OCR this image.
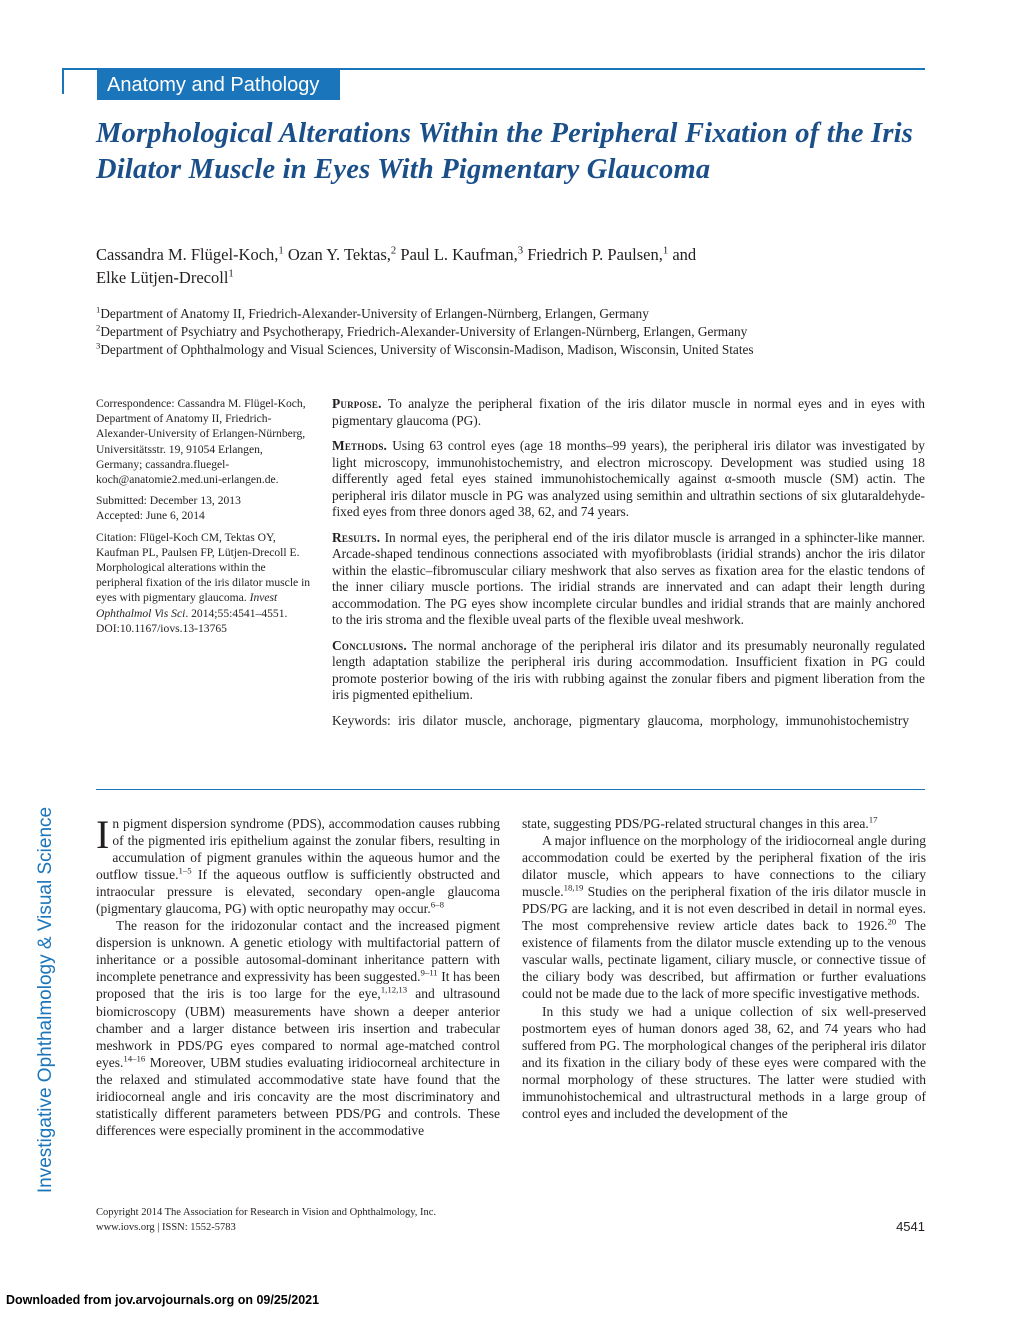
Anatomy and Pathology
Morphological Alterations Within the Peripheral Fixation of the Iris Dilator Muscle in Eyes With Pigmentary Glaucoma
Cassandra M. Flügel-Koch,$^1$ Ozan Y. Tektas,$^2$ Paul L. Kaufman,$^3$ Friedrich P. Paulsen,$^1$ and
Elke Lütjen-Drecoll$^1$
$^1$Department of Anatomy II, Friedrich-Alexander-University of Erlangen-Nürnberg, Erlangen, Germany
$^2$Department of Psychiatry and Psychotherapy, Friedrich-Alexander-University of Erlangen-Nürnberg, Erlangen, Germany
$^3$Department of Ophthalmology and Visual Sciences, University of Wisconsin-Madison, Madison, Wisconsin, United States

Correspondence: Cassandra M. Flügel-Koch, Department of Anatomy II, Friedrich-Alexander-University of Erlangen-Nürnberg, Universitätsstr. 19, 91054 Erlangen, Germany; cassandra.fluegel-koch@anatomie2.med.uni-erlangen.de.

Submitted: December 13, 2013

Accepted: June 6, 2014

Citation: Flügel-Koch CM, Tektas OY, Kaufman PL, Paulsen FP, Lütjen-Drecoll E. Morphological alterations within the peripheral fixation of the iris dilator muscle in eyes with pigmentary glaucoma. Invest Ophthalmol Vis Sci. 2014;55:4541–4551. DOI:10.1167/iovs.13-13765

Purpose. To analyze the peripheral fixation of the iris dilator muscle in normal eyes and in eyes with pigmentary glaucoma (PG).

Methods. Using 63 control eyes (age 18 months–99 years), the peripheral iris dilator was investigated by light microscopy, immunohistochemistry, and electron microscopy. Development was studied using 18 differently aged fetal eyes stained immunohistochemically against α-smooth muscle (SM) actin. The peripheral iris dilator muscle in PG was analyzed using semithin and ultrathin sections of six glutaraldehyde-fixed eyes from three donors aged 38, 62, and 74 years.

Results. In normal eyes, the peripheral end of the iris dilator muscle is arranged in a sphincter-like manner. Arcade-shaped tendinous connections associated with myofibroblasts (iridial strands) anchor the iris dilator within the elastic–fibromuscular ciliary meshwork that also serves as fixation area for the elastic tendons of the inner ciliary muscle portions. The iridial strands are innervated and can adapt their length during accommodation. The PG eyes show incomplete circular bundles and iridial strands that are mainly anchored to the iris stroma and the flexible uveal parts of the flexible uveal meshwork.

Conclusions. The normal anchorage of the peripheral iris dilator and its presumably neuronally regulated length adaptation stabilize the peripheral iris during accommodation. Insufficient fixation in PG could promote posterior bowing of the iris with rubbing against the zonular fibers and pigment liberation from the iris pigmented epithelium.

Keywords: iris dilator muscle, anchorage, pigmentary glaucoma, morphology, immunohistochemistry

Investigative Ophthalmology & Visual Science In pigment dispersion syndrome (PDS), accommodation causes rubbing of the pigmented iris epithelium against the zonular fibers, resulting in accumulation of pigment granules within the aqueous humor and the outflow tissue.$^{1-5}$ If the aqueous outflow is sufficiently obstructed and intraocular pressure is elevated, secondary open-angle glaucoma (pigmentary glaucoma, PG) with optic neuropathy may occur.$^{6-8}$

The reason for the iridozonular contact and the increased pigment dispersion is unknown. A genetic etiology with multifactorial pattern of inheritance or a possible autosomal-dominant inheritance pattern with incomplete penetrance and expressivity has been suggested.$^{9-11}$ It has been proposed that the iris is too large for the eye,$^{1,12,13}$ and ultrasound biomicroscopy (UBM) measurements have shown a deeper anterior chamber and a larger distance between iris insertion and trabecular meshwork in PDS/PG eyes compared to normal age-matched control eyes.$^{14-16}$ Moreover, UBM studies evaluating iridiocorneal architecture in the relaxed and stimulated accommodative state have found that the iridiocorneal angle and iris concavity are the most discriminatory and statistically different parameters between PDS/PG and controls. These differences were especially prominent in the accommodative

state, suggesting PDS/PG-related structural changes in this area.$^{17}$

A major influence on the morphology of the iridiocorneal angle during accommodation could be exerted by the peripheral fixation of the iris dilator muscle, which appears to have connections to the ciliary muscle.$^{18,19}$ Studies on the peripheral fixation of the iris dilator muscle in PDS/PG are lacking, and it is not even described in detail in normal eyes. The most comprehensive review article dates back to 1926.20 The existence of filaments from the dilator muscle extending up to the venous vascular walls, pectinate ligament, ciliary muscle, or connective tissue of the ciliary body was described, but affirmation or further evaluations could not be made due to the lack of more specific investigative methods.

In this study we had a unique collection of six well-preserved postmortem eyes of human donors aged 38, 62, and 74 years who had suffered from PG. The morphological changes of the peripheral iris dilator and its fixation in the ciliary body of these eyes were compared with the normal morphology of these structures. The latter were studied with immunohistochemical and ultrastructural methods in a large group of control eyes and included the development of the

Copyright 2014 The Association for Research in Vision and Ophthalmology, Inc.
www.iovs.org | ISSN: 1552-5783	4541
Downloaded from jov.arvojournals.org on 09/25/2021
